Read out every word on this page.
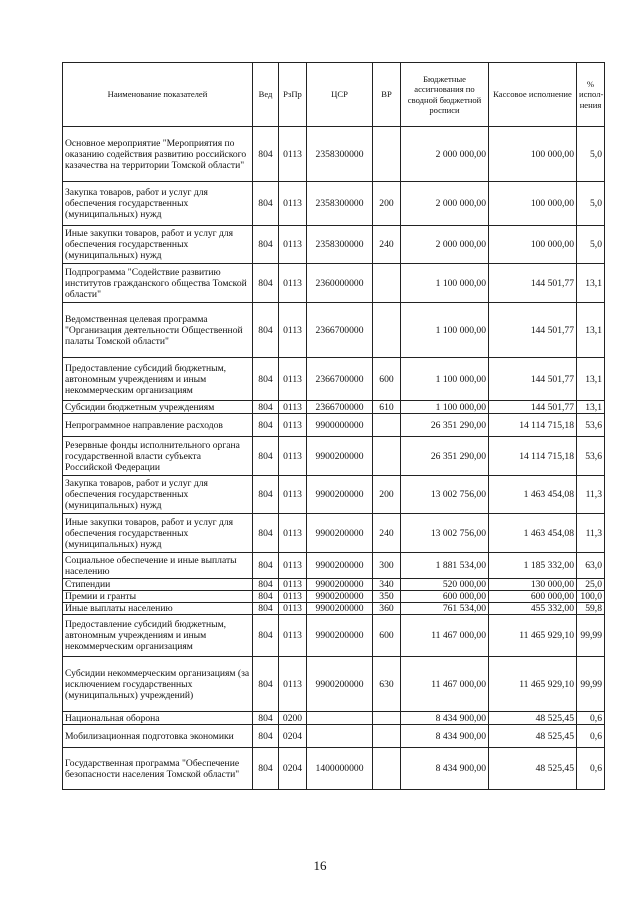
Наименование показателей	Вед	РзПр	ЦСР	ВР	Бюджетные ассигнования по сводной бюджетной росписи	Кассовое исполнение	% испол-нения
Основное мероприятие "Мероприятия по оказанию содействия развитию российского казачества на территории Томской области"	804	0113	2358300000		2 000 000,00	100 000,00	5,0
Закупка товаров, работ и услуг для обеспечения государственных (муниципальных) нужд	804	0113	2358300000	200	2 000 000,00	100 000,00	5,0
Иные закупки товаров, работ и услуг для обеспечения государственных (муниципальных) нужд	804	0113	2358300000	240	2 000 000,00	100 000,00	5,0
Подпрограмма "Содействие развитию институтов гражданского общества Томской области"	804	0113	2360000000		1 100 000,00	144 501,77	13,1
Ведомственная целевая программа "Организация деятельности Общественной палаты Томской области"	804	0113	2366700000		1 100 000,00	144 501,77	13,1
Предоставление субсидий бюджетным, автономным учреждениям и иным некоммерческим организациям	804	0113	2366700000	600	1 100 000,00	144 501,77	13,1
Субсидии бюджетным учреждениям	804	0113	2366700000	610	1 100 000,00	144 501,77	13,1
Непрограммное направление расходов	804	0113	9900000000		26 351 290,00	14 114 715,18	53,6
Резервные фонды исполнительного органа государственной власти субъекта Российской Федерации	804	0113	9900200000		26 351 290,00	14 114 715,18	53,6
Закупка товаров, работ и услуг для обеспечения государственных (муниципальных) нужд	804	0113	9900200000	200	13 002 756,00	1 463 454,08	11,3
Иные закупки товаров, работ и услуг для обеспечения государственных (муниципальных) нужд	804	0113	9900200000	240	13 002 756,00	1 463 454,08	11,3
Социальное обеспечение и иные выплаты населению	804	0113	9900200000	300	1 881 534,00	1 185 332,00	63,0
Стипендии	804	0113	9900200000	340	520 000,00	130 000,00	25,0
Премии и гранты	804	0113	9900200000	350	600 000,00	600 000,00	100,0
Иные выплаты населению	804	0113	9900200000	360	761 534,00	455 332,00	59,8
Предоставление субсидий бюджетным, автономным учреждениям и иным некоммерческим организациям	804	0113	9900200000	600	11 467 000,00	11 465 929,10	99,99
Субсидии некоммерческим организациям (за исключением государственных (муниципальных) учреждений)	804	0113	9900200000	630	11 467 000,00	11 465 929,10	99,99
Национальная оборона	804	0200			8 434 900,00	48 525,45	0,6
Мобилизационная подготовка экономики	804	0204			8 434 900,00	48 525,45	0,6
Государственная программа "Обеспечение безопасности населения Томской области"	804	0204	1400000000		8 434 900,00	48 525,45	0,6
16
